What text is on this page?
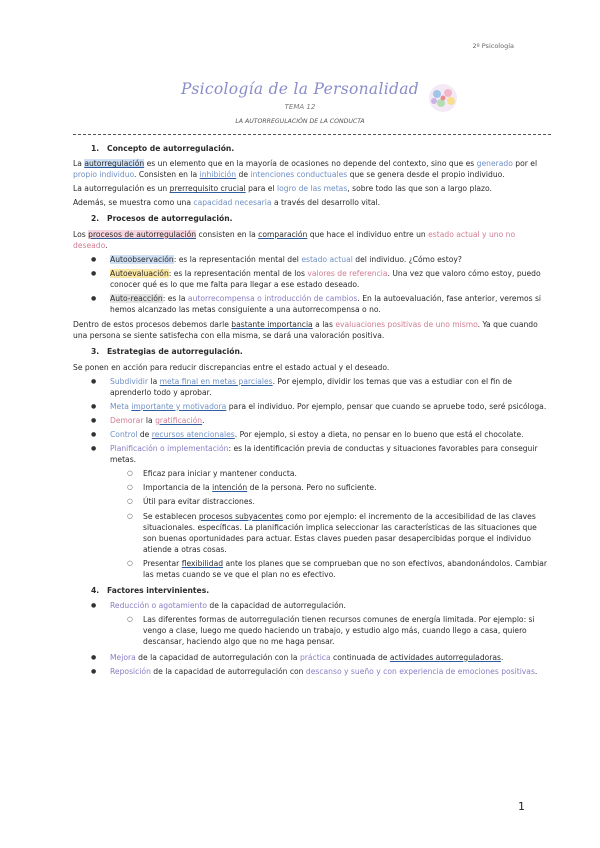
2º Psicología
Psicología de la Personalidad
TEMA 12
LA AUTORREGULACIÓN DE LA CONDUCTA
1. Concepto de autorregulación.

La autorregulación es un elemento que en la mayoría de ocasiones no depende del contexto, sino que es generado por el propio individuo. Consisten en la inhibición de intenciones conductuales que se genera desde el propio individuo.

La autorregulación es un prerrequisito crucial para el logro de las metas, sobre todo las que son a largo plazo.

Además, se muestra como una capacidad necesaria a través del desarrollo vital.

2. Procesos de autorregulación.

Los procesos de autorregulación consisten en la comparación que hace el individuo entre un estado actual y uno no deseado.

● Autoobservación: es la representación mental del estado actual del individuo. ¿Cómo estoy?
● Autoevaluación: es la representación mental de los valores de referencia. Una vez que valoro cómo estoy, puedo conocer qué es lo que me falta para llegar a ese estado deseado.
● Auto-reacción: es la autorrecompensa o introducción de cambios. En la autoevaluación, fase anterior, veremos si hemos alcanzado las metas consiguiente a una autorrecompensa o no.

Dentro de estos procesos debemos darle bastante importancia a las evaluaciones positivas de uno mismo. Ya que cuando una persona se siente satisfecha con ella misma, se dará una valoración positiva.

3. Estrategias de autorregulación.

Se ponen en acción para reducir discrepancias entre el estado actual y el deseado.

● Subdividir la meta final en metas parciales. Por ejemplo, dividir los temas que vas a estudiar con el fin de aprenderlo todo y aprobar.
● Meta importante y motivadora para el individuo. Por ejemplo, pensar que cuando se apruebe todo, seré psicóloga.
● Demorar la gratificación.
● Control de recursos atencionales. Por ejemplo, si estoy a dieta, no pensar en lo bueno que está el chocolate.
● Planificación o implementación: es la identificación previa de conductas y situaciones favorables para conseguir metas.
○ Eficaz para iniciar y mantener conducta.
○ Importancia de la intención de la persona. Pero no suficiente.
○ Útil para evitar distracciones.
○ Se establecen procesos subyacentes como por ejemplo: el incremento de la accesibilidad de las claves situacionales. específicas. La planificación implica seleccionar las características de las situaciones que son buenas oportunidades para actuar. Estas claves pueden pasar desapercibidas porque el individuo atiende a otras cosas.
○ Presentar flexibilidad ante los planes que se comprueban que no son efectivos, abandonándolos. Cambiar las metas cuando se ve que el plan no es efectivo.
4. Factores intervinientes.
● Reducción o agotamiento de la capacidad de autorregulación.
○ Las diferentes formas de autorregulación tienen recursos comunes de energía limitada. Por ejemplo: si vengo a clase, luego me quedo haciendo un trabajo, y estudio algo más, cuando llego a casa, quiero descansar, haciendo algo que no me haga pensar.
● Mejora de la capacidad de autorregulación con la práctica continuada de actividades autorreguladoras.
● Reposición de la capacidad de autorregulación con descanso y sueño y con experiencia de emociones positivas.
1
